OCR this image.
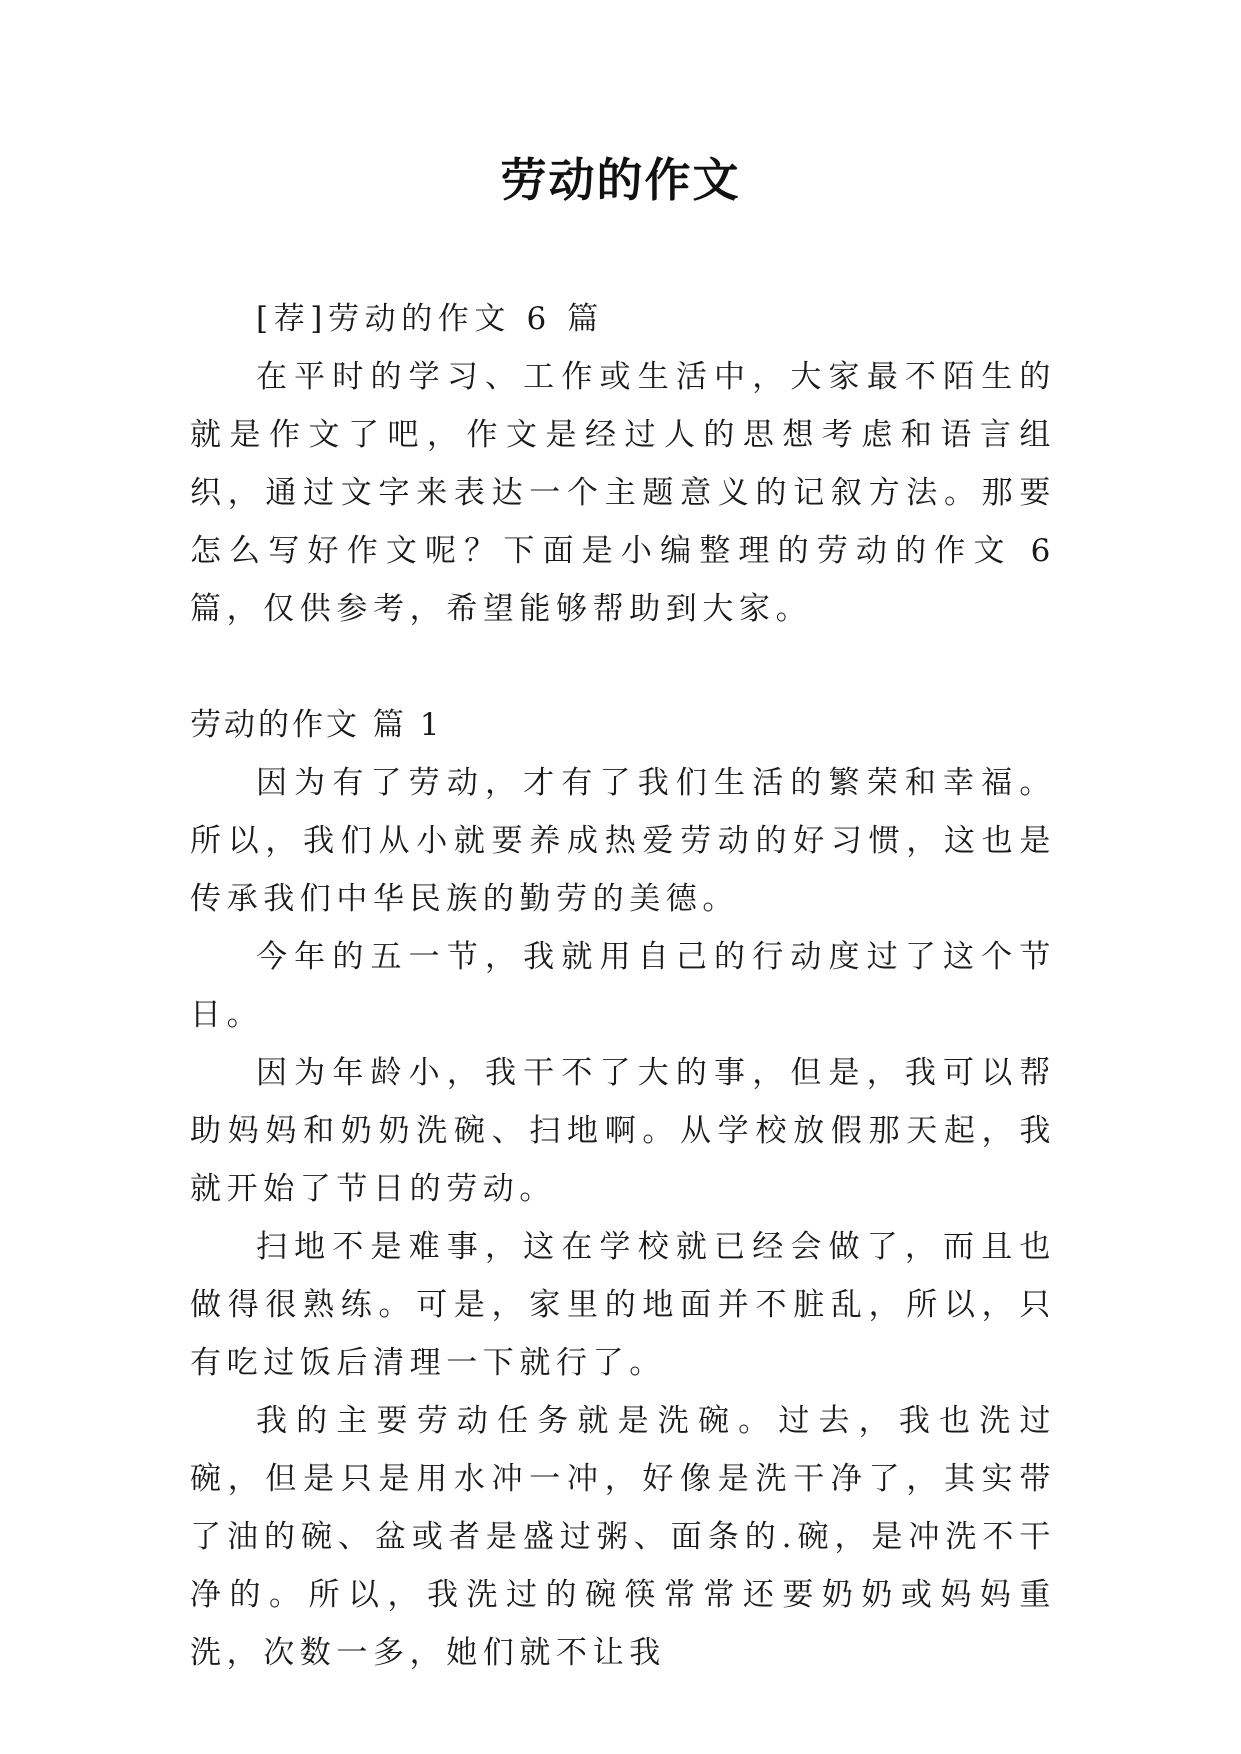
劳动的作文

[荐]劳动的作文 6 篇

在平时的学习、工作或生活中，大家最不陌生的就是作文了吧，作文是经过人的思想考虑和语言组织，通过文字来表达一个主题意义的记叙方法。那要怎么写好作文呢？下面是小编整理的劳动的作文 6 篇，仅供参考，希望能够帮助到大家。

劳动的作文 篇 1

因为有了劳动，才有了我们生活的繁荣和幸福。所以，我们从小就要养成热爱劳动的好习惯，这也是传承我们中华民族的勤劳的美德。

今年的五一节，我就用自己的行动度过了这个节日。

因为年龄小，我干不了大的事，但是，我可以帮助妈妈和奶奶洗碗、扫地啊。从学校放假那天起，我就开始了节日的劳动。

扫地不是难事，这在学校就已经会做了，而且也做得很熟练。可是，家里的地面并不脏乱，所以，只有吃过饭后清理一下就行了。

我的主要劳动任务就是洗碗。过去，我也洗过碗，但是只是用水冲一冲，好像是洗干净了，其实带了油的碗、盆或者是盛过粥、面条的.碗，是冲洗不干净的。所以，我洗过的碗筷常常还要奶奶或妈妈重洗，次数一多，她们就不让我
